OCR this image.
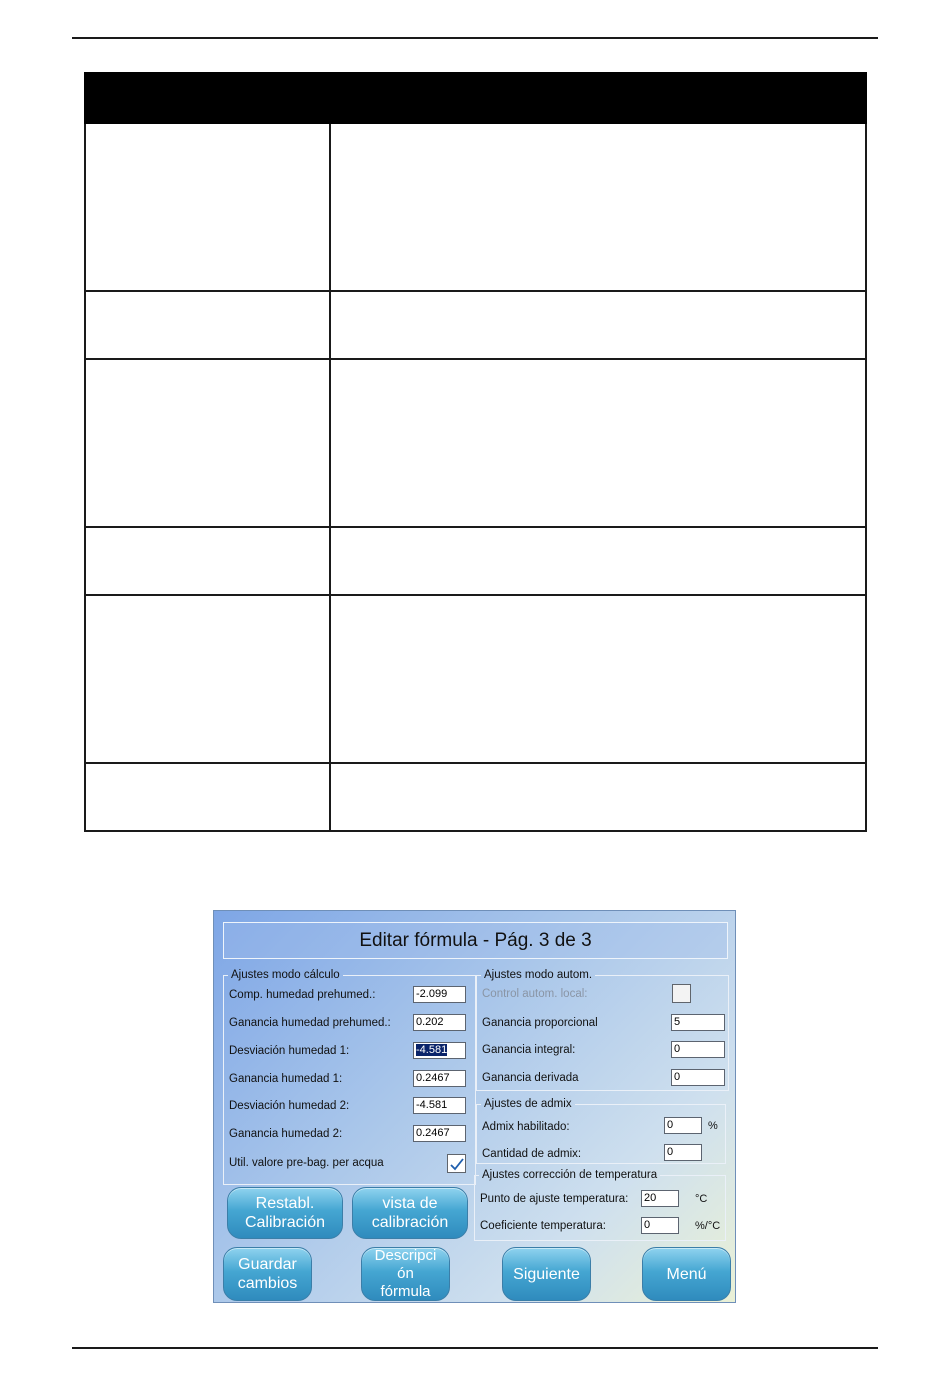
Editar fórmula - Pág. 3 de 3
Ajustes modo cálculo
Comp. humedad prehumed.:	-2.099
Ganancia humedad prehumed.: 0.202
Desviación humedad 1:	-4.581
Ganancia humedad 1:	0.2467
Desviación humedad 2:	-4.581
Ganancia humedad 2:	0.2467
Util. valore pre-bag. per acqua
Ajustes modo autom.
Control autom. local:
Ganancia proporcional	5
Ganancia integral:	0
Ganancia derivada	0
Ajustes de admix
Admix habilitado:	0	%
Cantidad de admix:	0
Ajustes corrección de temperatura
Punto de ajuste temperatura: 20	°C
Coeficiente temperatura:	0	%/°C
Restabl.
Calibración
vista de
calibración
Guardar
cambios
Descripci
ón
fórmula
Siguiente	Menú
